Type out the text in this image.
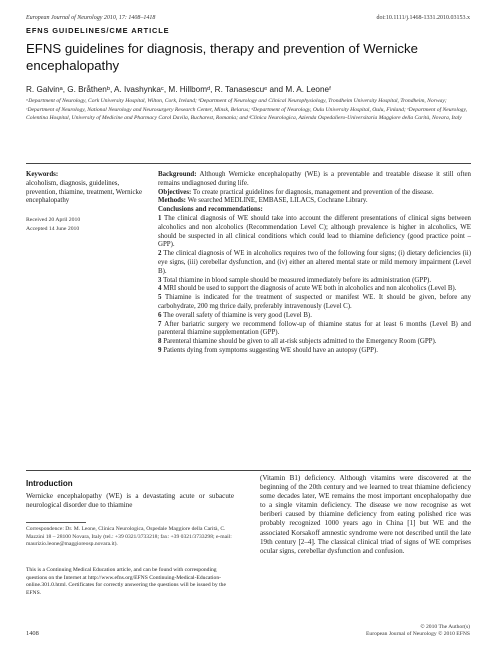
European Journal of Neurology 2010, 17: 1408–1418	doi:10.1111/j.1468-1331.2010.03153.x
EFNS GUIDELINES/CME ARTICLE
EFNS guidelines for diagnosis, therapy and prevention of Wernicke encephalopathy
R. Galvinᵃ, G. Bråthenᵇ, A. Ivashynkaᶜ, M. Hillbomᵈ, R. Tanasescuᵉ and M. A. Leoneᶠ
ᵃDepartment of Neurology, Cork University Hospital, Wilton, Cork, Ireland; ᵇDepartment of Neurology and Clinical Neurophysiology, Trondheim University Hospital, Trondheim, Norway; ᶜDepartment of Neurology, National Neurology and Neurosurgery Research Center, Minsk, Belarus; ᵈDepartment of Neurology, Oulu University Hospital, Oulu, Finland; ᵉDepartment of Neurology, Colentina Hospital, University of Medicine and Pharmacy Carol Davila, Bucharest, Romania; and ᶠClinica Neurologica, Azienda Ospedaliero-Universitaria Maggiore della Carità, Novara, Italy
Keywords:
alcoholism, diagnosis, guidelines, prevention, thiamine, treatment, Wernicke encephalopathy
Received 20 April 2010
Accepted 14 June 2010

Background: Although Wernicke encephalopathy (WE) is a preventable and treatable disease it still often remains undiagnosed during life.

Objectives: To create practical guidelines for diagnosis, management and prevention of the disease.

Methods: We searched MEDLINE, EMBASE, LILACS, Cochrane Library.

Conclusions and recommendations:

1 The clinical diagnosis of WE should take into account the different presentations of clinical signs between alcoholics and non alcoholics (Recommendation Level C); although prevalence is higher in alcoholics, WE should be suspected in all clinical conditions which could lead to thiamine deficiency (good practice point – GPP).

2 The clinical diagnosis of WE in alcoholics requires two of the following four signs; (i) dietary deficiencies (ii) eye signs, (iii) cerebellar dysfunction, and (iv) either an altered mental state or mild memory impairment (Level B).

3 Total thiamine in blood sample should be measured immediately before its administration (GPP).

4 MRI should be used to support the diagnosis of acute WE both in alcoholics and non alcoholics (Level B).

5 Thiamine is indicated for the treatment of suspected or manifest WE. It should be given, before any carbohydrate, 200 mg thrice daily, preferably intravenously (Level C).

6 The overall safety of thiamine is very good (Level B).

7 After bariatric surgery we recommend follow-up of thiamine status for at least 6 months (Level B) and parenteral thiamine supplementation (GPP).

8 Parenteral thiamine should be given to all at-risk subjects admitted to the Emergency Room (GPP).

9 Patients dying from symptoms suggesting WE should have an autopsy (GPP).

Introduction
Wernicke encephalopathy (WE) is a devastating acute or subacute neurological disorder due to thiamine
Correspondence: Dr. M. Leone, Clinica Neurologica, Ospedale Maggiore della Carità, C. Mazzini 18 – 28100 Novara, Italy (tel.: +39 0321/3733218; fax: +39 0321/3733298; e-mail: maurizio.leone@maggioreosp.novara.it).
This is a Continuing Medical Education article, and can be found with corresponding questions on the Internet at http://www.efns.org/EFNS Continuing-Medical-Education-online.301.0.html. Certificates for correctly answering the questions will be issued by the EFNS.
(Vitamin B1) deficiency. Although vitamins were discovered at the beginning of the 20th century and we learned to treat thiamine deficiency some decades later, WE remains the most important encephalopathy due to a single vitamin deficiency. The disease we now recognise as wet beriberi caused by thiamine deficiency from eating polished rice was probably recognized 1000 years ago in China [1] but WE and the associated Korsakoff amnestic syndrome were not described until the late 19th century [2–4]. The classical clinical triad of signs of WE comprises ocular signs, cerebellar dysfunction and confusion.
1408
© 2010 The Author(s)
European Journal of Neurology © 2010 EFNS
